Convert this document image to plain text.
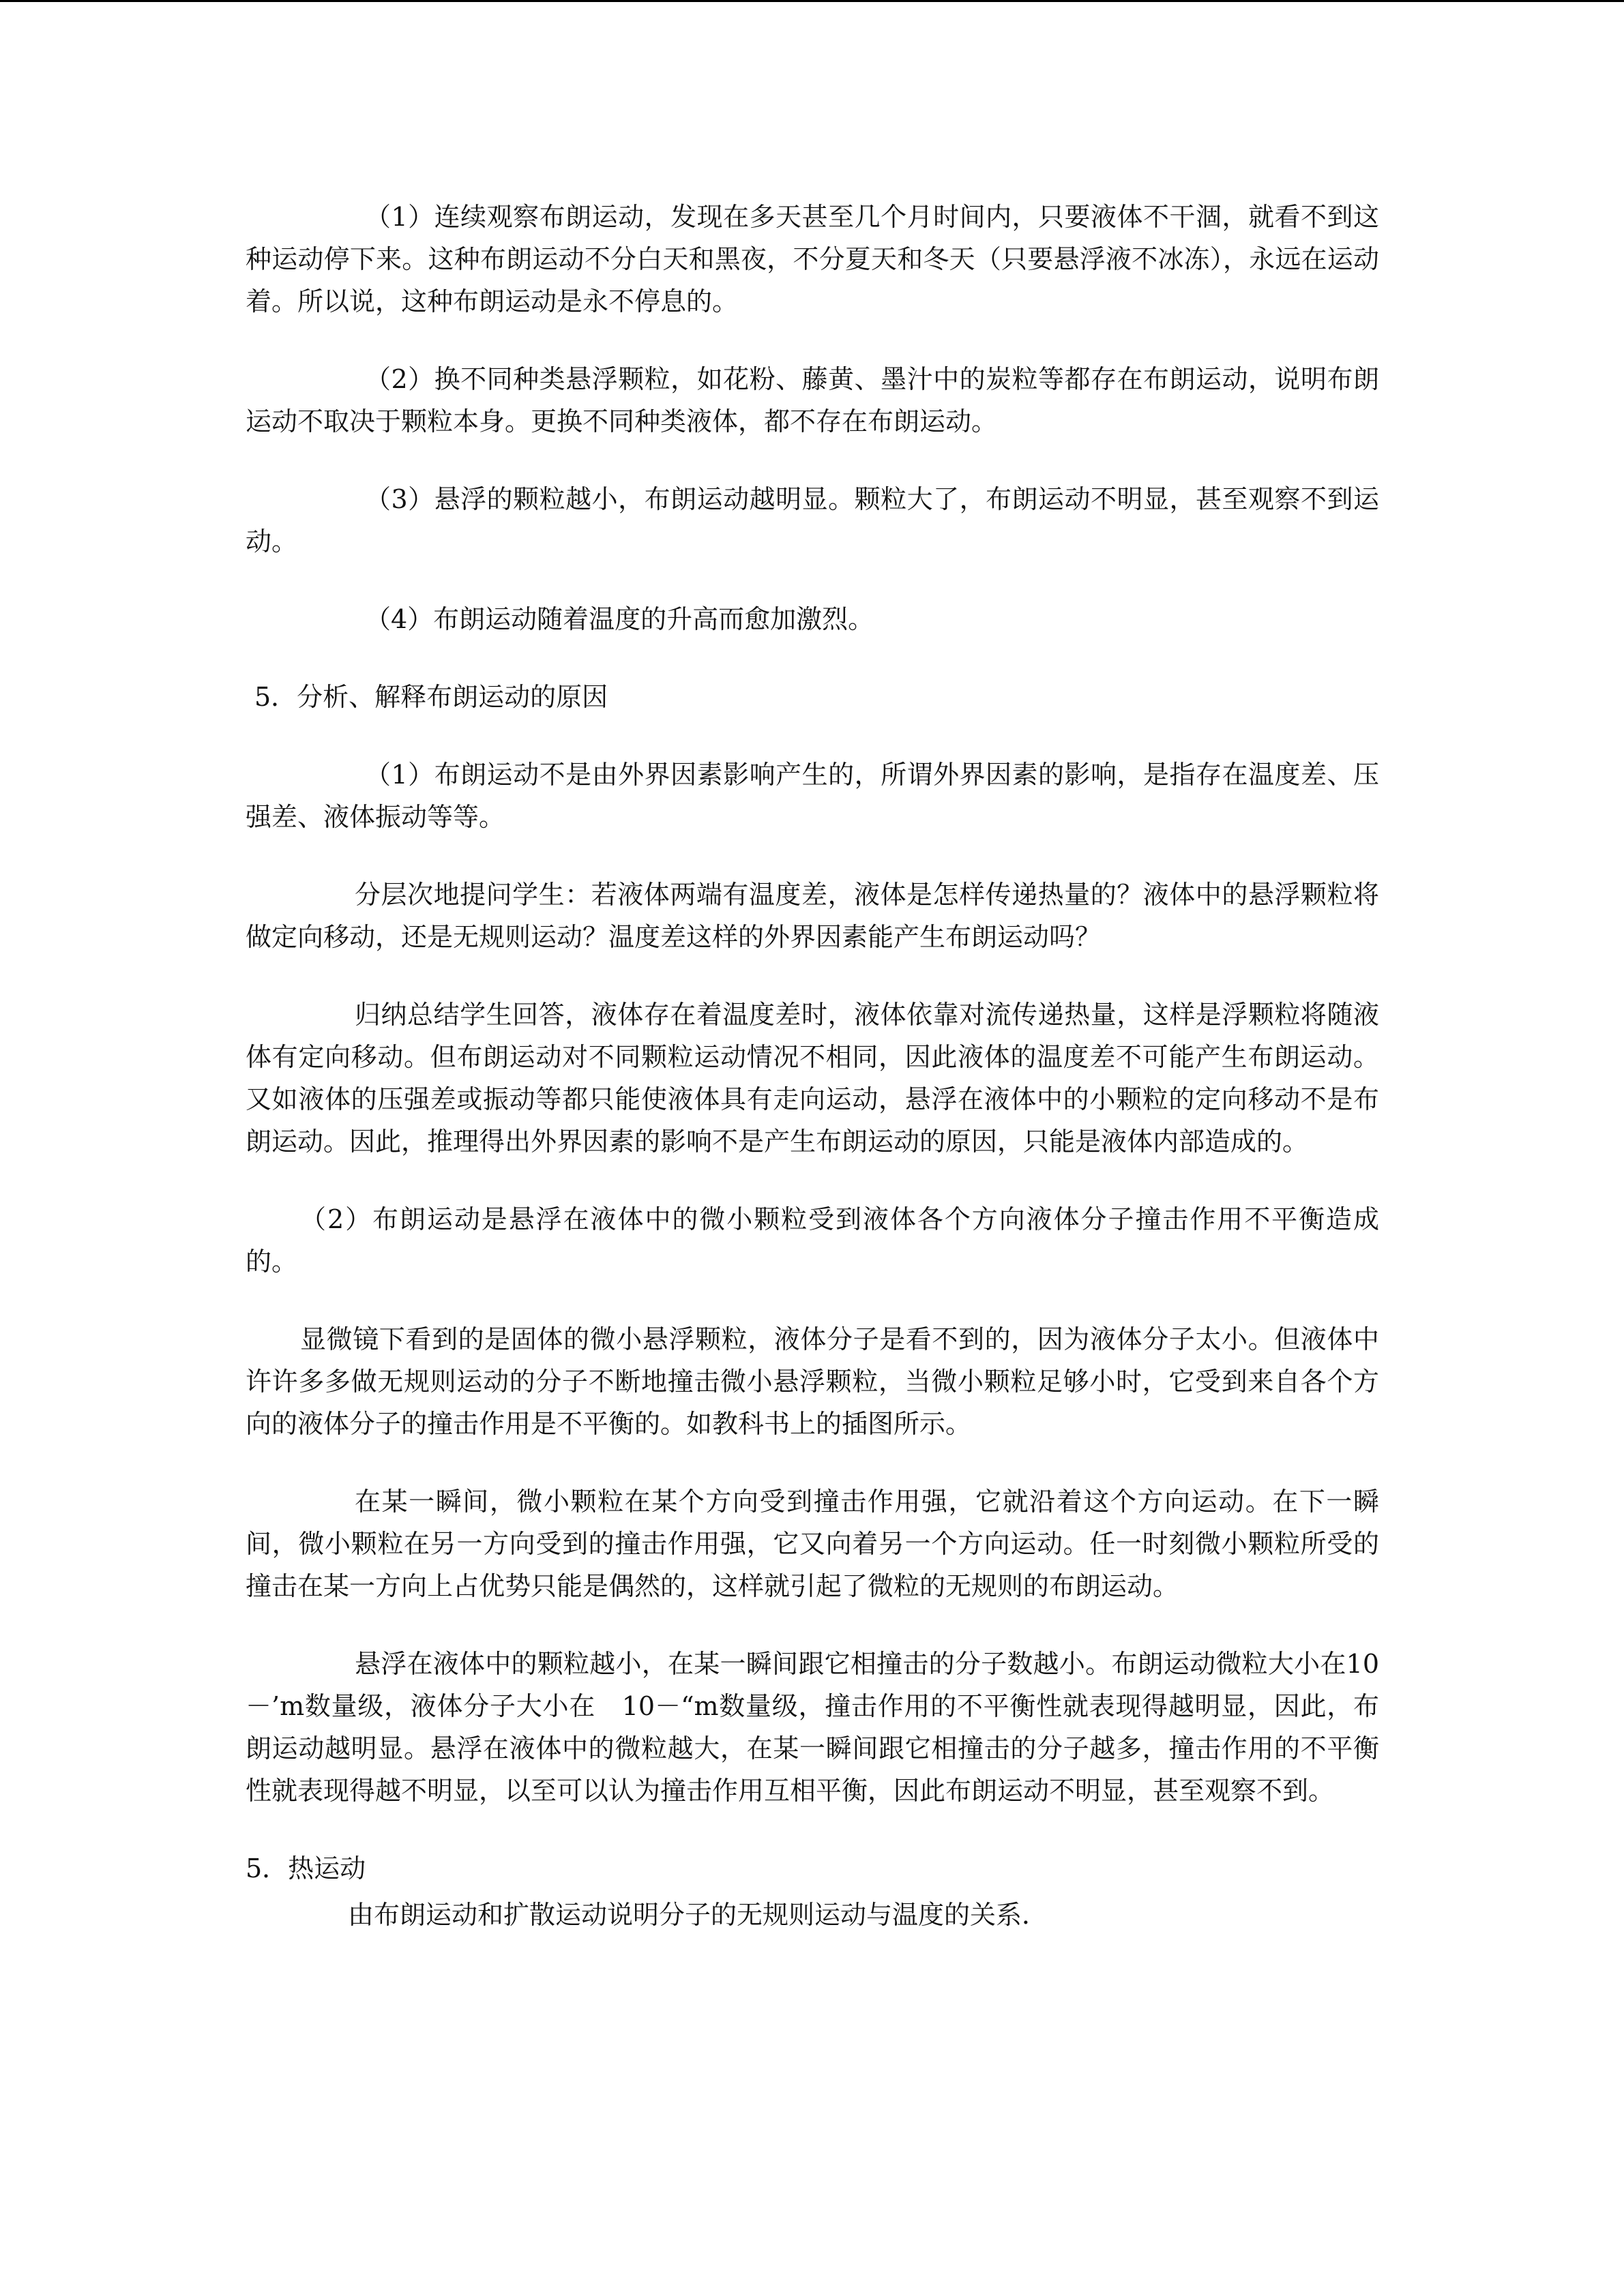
（1）连续观察布朗运动，发现在多天甚至几个月时间内，只要液体不干涸，就看不到这种运动停下来。这种布朗运动不分白天和黑夜，不分夏天和冬天（只要悬浮液不冰冻），永远在运动着。所以说，这种布朗运动是永不停息的。

（2）换不同种类悬浮颗粒，如花粉、藤黄、墨汁中的炭粒等都存在布朗运动，说明布朗运动不取决于颗粒本身。更换不同种类液体，都不存在布朗运动。

（3）悬浮的颗粒越小，布朗运动越明显。颗粒大了，布朗运动不明显，甚至观察不到运动。

（4）布朗运动随着温度的升高而愈加激烈。

5．分析、解释布朗运动的原因

（1）布朗运动不是由外界因素影响产生的，所谓外界因素的影响，是指存在温度差、压强差、液体振动等等。

分层次地提问学生：若液体两端有温度差，液体是怎样传递热量的？液体中的悬浮颗粒将做定向移动，还是无规则运动？温度差这样的外界因素能产生布朗运动吗？

归纳总结学生回答，液体存在着温度差时，液体依靠对流传递热量，这样是浮颗粒将随液体有定向移动。但布朗运动对不同颗粒运动情况不相同，因此液体的温度差不可能产生布朗运动。又如液体的压强差或振动等都只能使液体具有走向运动，悬浮在液体中的小颗粒的定向移动不是布朗运动。因此，推理得出外界因素的影响不是产生布朗运动的原因，只能是液体内部造成的。

（2）布朗运动是悬浮在液体中的微小颗粒受到液体各个方向液体分子撞击作用不平衡造成的。

显微镜下看到的是固体的微小悬浮颗粒，液体分子是看不到的，因为液体分子太小。但液体中许许多多做无规则运动的分子不断地撞击微小悬浮颗粒，当微小颗粒足够小时，它受到来自各个方向的液体分子的撞击作用是不平衡的。如教科书上的插图所示。

在某一瞬间，微小颗粒在某个方向受到撞击作用强，它就沿着这个方向运动。在下一瞬间，微小颗粒在另一方向受到的撞击作用强，它又向着另一个方向运动。任一时刻微小颗粒所受的撞击在某一方向上占优势只能是偶然的，这样就引起了微粒的无规则的布朗运动。

悬浮在液体中的颗粒越小，在某一瞬间跟它相撞击的分子数越小。布朗运动微粒大小在10－’m数量级，液体分子大小在　10－“m数量级，撞击作用的不平衡性就表现得越明显，因此，布朗运动越明显。悬浮在液体中的微粒越大，在某一瞬间跟它相撞击的分子越多，撞击作用的不平衡性就表现得越不明显，以至可以认为撞击作用互相平衡，因此布朗运动不明显，甚至观察不到。

5．热运动

由布朗运动和扩散运动说明分子的无规则运动与温度的关系．
